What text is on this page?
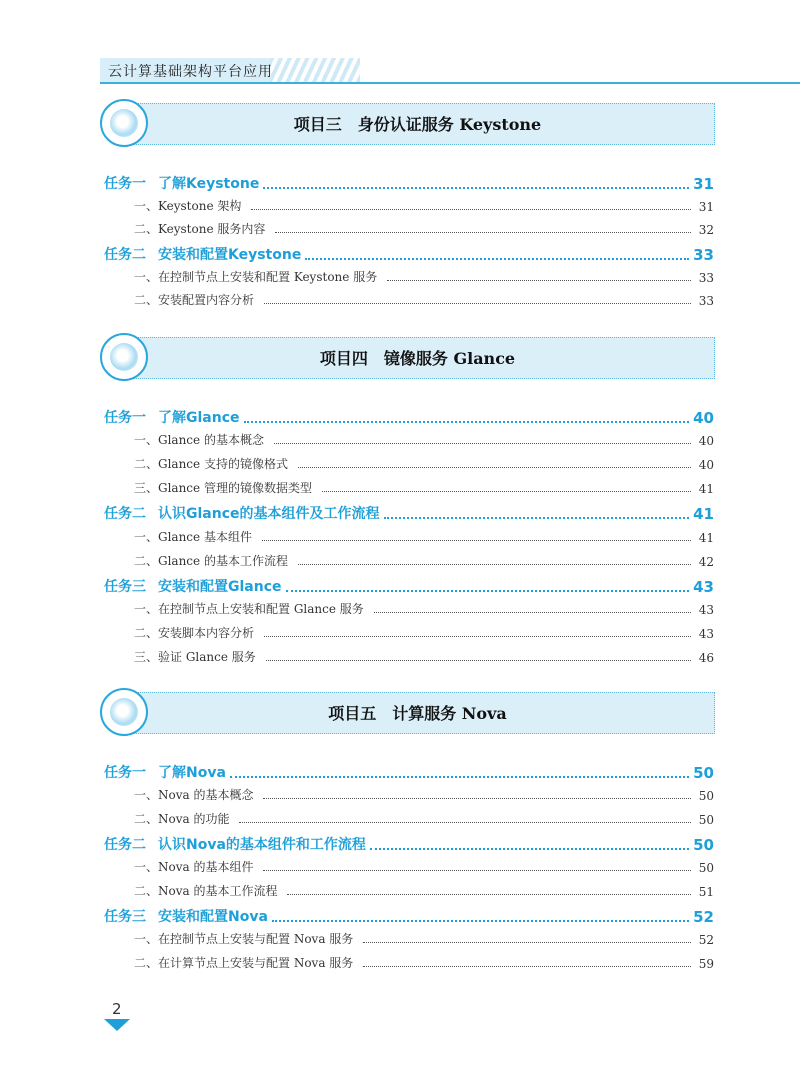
云计算基础架构平台应用
项目三　身份认证服务 Keystone
任务一 了解Keystone	31
一、Keystone 架构	31
二、Keystone 服务内容	32
任务二 安装和配置Keystone	33
一、在控制节点上安装和配置 Keystone 服务	33
二、安装配置内容分析	33
项目四　镜像服务 Glance
任务一 了解Glance	40
一、Glance 的基本概念	40
二、Glance 支持的镜像格式	40
三、Glance 管理的镜像数据类型	41
任务二 认识Glance的基本组件及工作流程	41
一、Glance 基本组件	41
二、Glance 的基本工作流程	42
任务三 安装和配置Glance	43
一、在控制节点上安装和配置 Glance 服务	43
二、安装脚本内容分析	43
三、验证 Glance 服务	46
项目五　计算服务 Nova
任务一 了解Nova	50
一、Nova 的基本概念	50
二、Nova 的功能	50
任务二 认识Nova的基本组件和工作流程	50
一、Nova 的基本组件	50
二、Nova 的基本工作流程	51
任务三 安装和配置Nova	52
一、在控制节点上安装与配置 Nova 服务	52
二、在计算节点上安装与配置 Nova 服务	59
2
